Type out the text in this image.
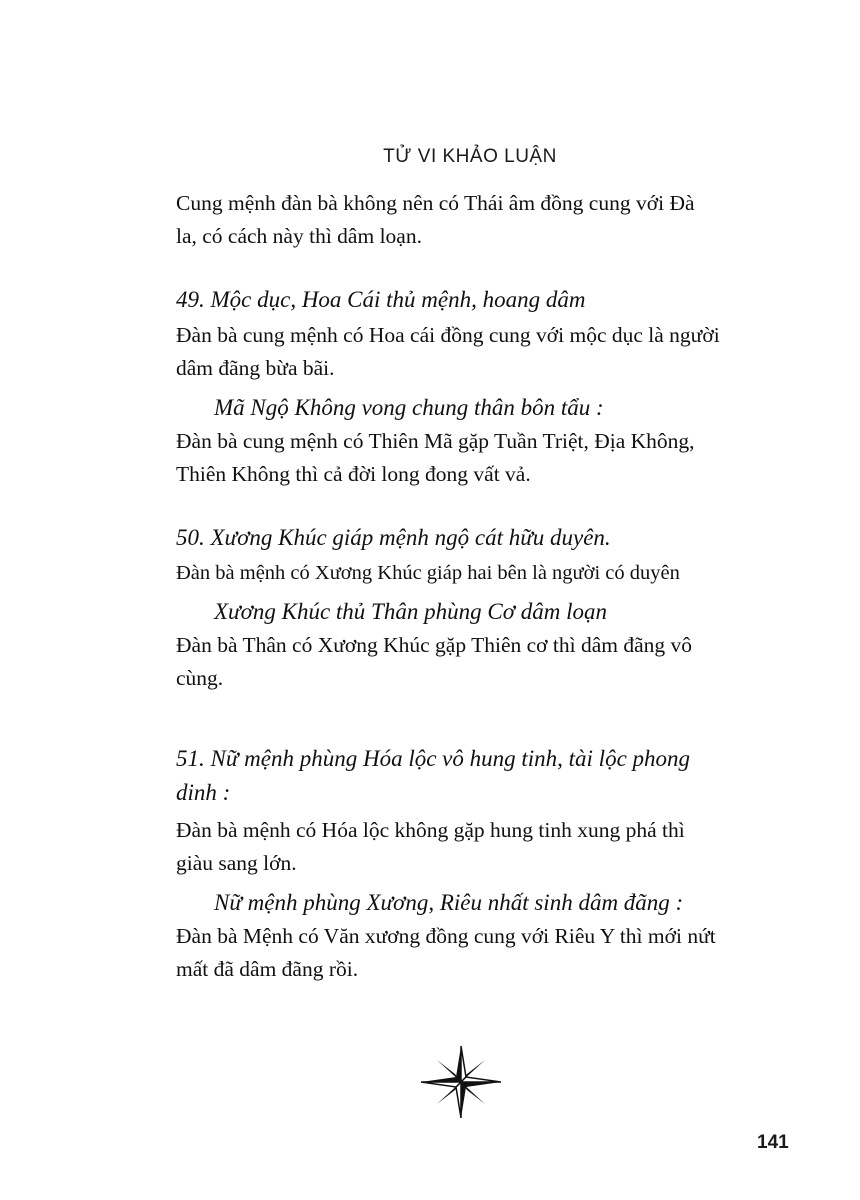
TỬ VI KHẢO LUẬN

Cung mệnh đàn bà không nên có Thái âm đồng cung với Đà

la, có cách này thì dâm loạn.

49. Mộc dục, Hoa Cái thủ mệnh, hoang dâm

Đàn bà cung mệnh có Hoa cái đồng cung với mộc dục là người

dâm đãng bừa bãi.

Mã Ngộ Không vong chung thân bôn tẩu :

Đàn bà cung mệnh có Thiên Mã gặp Tuần Triệt, Địa Không,

Thiên Không thì cả đời long đong vất vả.

50. Xương Khúc giáp mệnh ngộ cát hữu duyên.

Đàn bà mệnh có Xương Khúc giáp hai bên là người có duyên

Xương Khúc thủ Thân phùng Cơ dâm loạn

Đàn bà Thân có Xương Khúc gặp Thiên cơ thì dâm đãng vô

cùng.

51. Nữ mệnh phùng Hóa lộc vô hung tinh, tài lộc phong

dinh :

Đàn bà mệnh có Hóa lộc không gặp hung tinh xung phá thì

giàu sang lớn.

Nữ mệnh phùng Xương, Riêu nhất sinh dâm đãng :

Đàn bà Mệnh có Văn xương đồng cung với Riêu Y thì mới nứt

mất đã dâm đãng rồi.

141
